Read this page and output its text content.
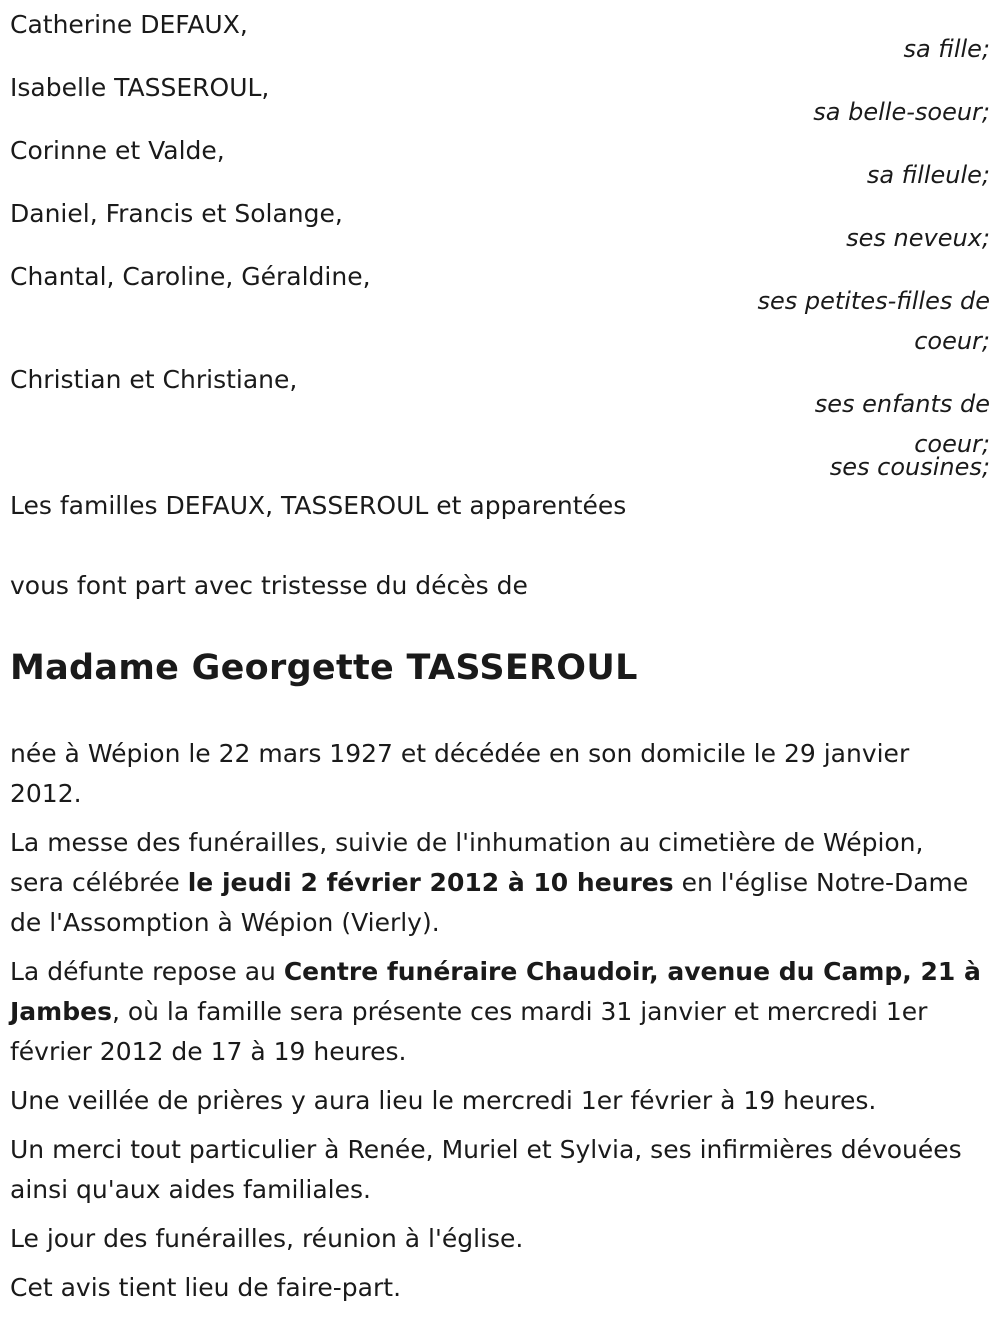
Catherine DEFAUX,
sa fille;
Isabelle TASSEROUL,
sa belle-soeur;
Corinne et Valde,
sa filleule;
Daniel, Francis et Solange,
ses neveux;
Chantal, Caroline, Géraldine,
ses petites-filles de
coeur;
Christian et Christiane,
ses enfants de
coeur;
ses cousines;
Les familles DEFAUX, TASSEROUL et apparentées
vous font part avec tristesse du décès de
Madame Georgette TASSEROUL

née à Wépion le 22 mars 1927 et décédée en son domicile le 29 janvier 2012.

La messe des funérailles, suivie de l'inhumation au cimetière de Wépion, sera célébrée le jeudi 2 février 2012 à 10 heures en l'église Notre-Dame de l'Assomption à Wépion (Vierly).

La défunte repose au Centre funéraire Chaudoir, avenue du Camp, 21 à Jambes, où la famille sera présente ces mardi 31 janvier et mercredi 1er février 2012 de 17 à 19 heures.

Une veillée de prières y aura lieu le mercredi 1er février à 19 heures.

Un merci tout particulier à Renée, Muriel et Sylvia, ses infirmières dévouées ainsi qu'aux aides familiales.

Le jour des funérailles, réunion à l'église.

Cet avis tient lieu de faire-part.
